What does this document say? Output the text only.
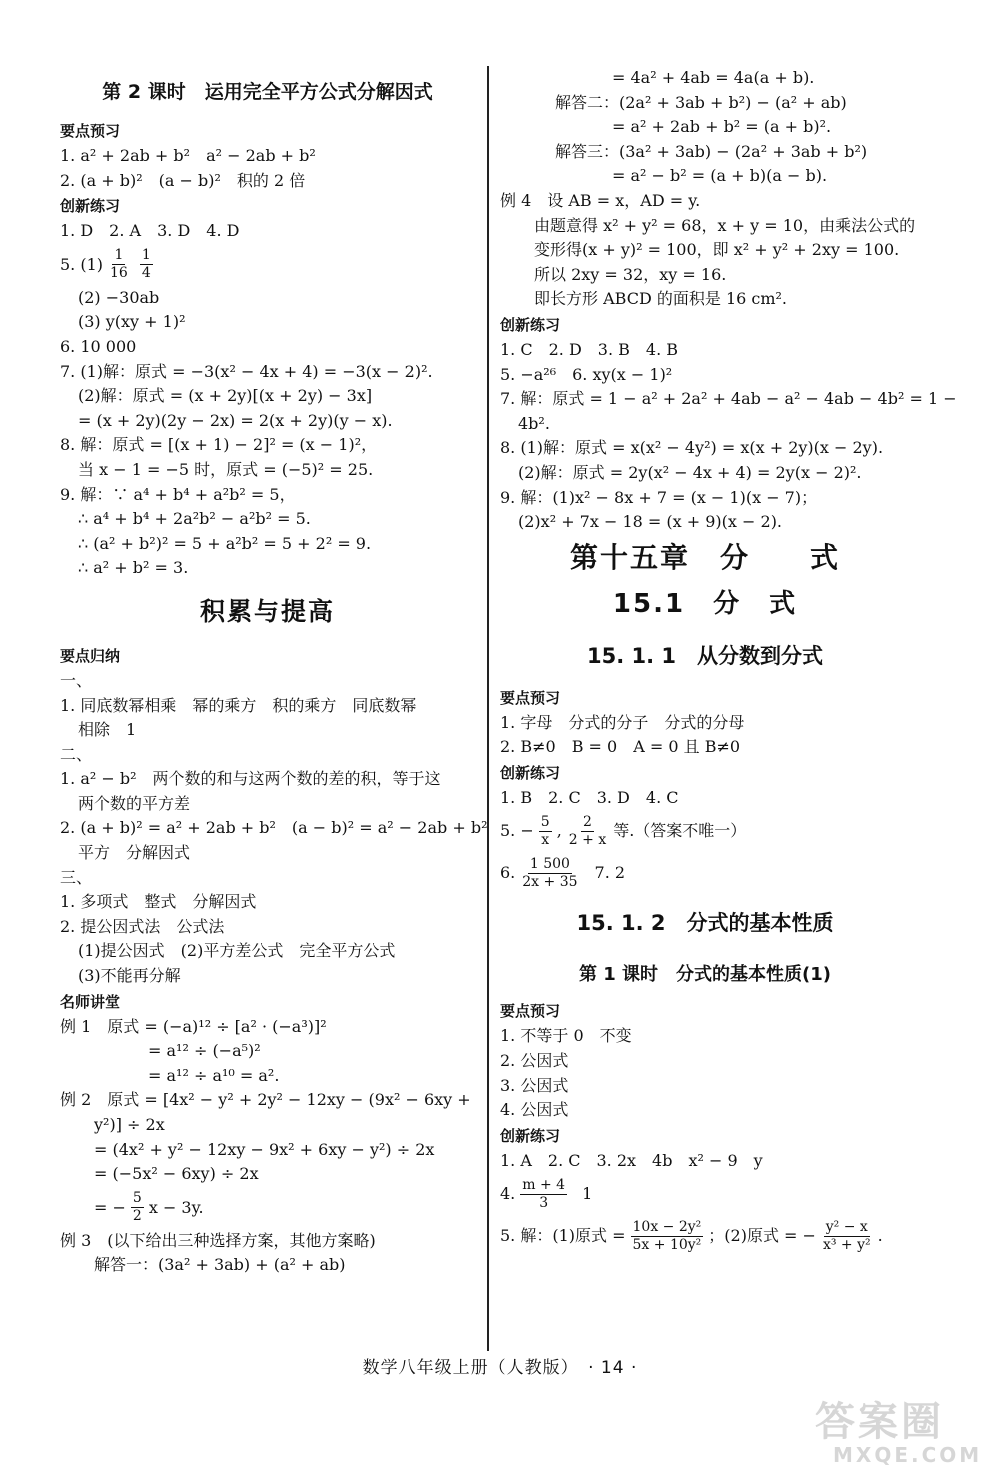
第 2 课时　运用完全平方公式分解因式
要点预习
1. a² + 2ab + b²　a² − 2ab + b²
2. (a + b)²　(a − b)²　积的 2 倍
创新练习
1. D　2. A　3. D　4. D
5. $(1) \frac{1}{16} \frac{1}{4}$
(2) −30ab
(3) y(xy + 1)²
6. 10 000
7. (1)解：原式 = −3(x² − 4x + 4) = −3(x − 2)².
(2)解：原式 = (x + 2y)[(x + 2y) − 3x]
= (x + 2y)(2y − 2x) = 2(x + 2y)(y − x).
8. 解：原式 = [(x + 1) − 2]² = (x − 1)²，
当 x − 1 = −5 时，原式 = (−5)² = 25.
9. 解：∵ a⁴ + b⁴ + a²b² = 5，
∴ a⁴ + b⁴ + 2a²b² − a²b² = 5.
∴ (a² + b²)² = 5 + a²b² = 5 + 2² = 9.
∴ a² + b² = 3.
积累与提高
要点归纳
一、
1. 同底数幂相乘　幂的乘方　积的乘方　同底数幂
相除　1
二、
1. a² − b²　两个数的和与这两个数的差的积，等于这
两个数的平方差
2. (a + b)² = a² + 2ab + b²　(a − b)² = a² − 2ab + b²
平方　分解因式
三、
1. 多项式　整式　分解因式
2. 提公因式法　公式法
(1)提公因式　(2)平方差公式　完全平方公式
(3)不能再分解
名师讲堂
例 1　原式 = (−a)¹² ÷ [a² · (−a³)]²
= a¹² ÷ (−a⁵)²
= a¹² ÷ a¹⁰ = a².
例 2　原式 = [4x² − y² + 2y² − 12xy − (9x² − 6xy +
y²)] ÷ 2x
= (4x² + y² − 12xy − 9x² + 6xy − y²) ÷ 2x
= (−5x² − 6xy) ÷ 2x
= − $\frac{5}{2}$ x − 3y.
例 3　(以下给出三种选择方案，其他方案略)
解答一：(3a² + 3ab) + (a² + ab)
= 4a² + 4ab = 4a(a + b).
解答二：(2a² + 3ab + b²) − (a² + ab)
= a² + 2ab + b² = (a + b)².
解答三：(3a² + 3ab) − (2a² + 3ab + b²)
= a² − b² = (a + b)(a − b).
例 4　设 AB = x，AD = y.
由题意得 x² + y² = 68，x + y = 10，由乘法公式的
变形得(x + y)² = 100，即 x² + y² + 2xy = 100.
所以 2xy = 32，xy = 16.
即长方形 ABCD 的面积是 16 cm².
创新练习
1. C　2. D　3. B　4. B
5. −a²⁶　6. xy(x − 1)²
7. 解：原式 = 1 − a² + 2a² + 4ab − a² − 4ab − 4b² = 1 −
4b².
8. (1)解：原式 = x(x² − 4y²) = x(x + 2y)(x − 2y).
(2)解：原式 = 2y(x² − 4x + 4) = 2y(x − 2)².
9. 解：(1)x² − 8x + 7 = (x − 1)(x − 7)；
(2)x² + 7x − 18 = (x + 9)(x − 2).
第十五章　分　　式
15.1　分　式
15. 1. 1　从分数到分式
要点预习
1. 字母　分式的分子　分式的分母
2. B≠0　B = 0　A = 0 且 B≠0
创新练习
1. B　2. C　3. D　4. C
5. − $\frac{5}{x}$ , $\frac{2}{2 + x}$ 等.（答案不唯一）
6. $\frac{1 500}{2x + 35} 7$. 2
15. 1. 2　分式的基本性质
第 1 课时　分式的基本性质(1)
要点预习
1. 不等于 0　不变
2. 公因式
3. 公因式
4. 公因式
创新练习
1. A　2. C　3. 2x　4b　x² − 9　y
4. $\frac{m + 4}{3} 1$
5. 解：(1)原式 = $\frac{\text{10x − 2y²}}{\text{5x + 10y²}}$ ；(2)原式 = − $\frac{\text{y² − x}}{\text{x³ + y²}}$ .
数学八年级上册（人教版）　· 14 ·
答案圈
MXQE.COM
